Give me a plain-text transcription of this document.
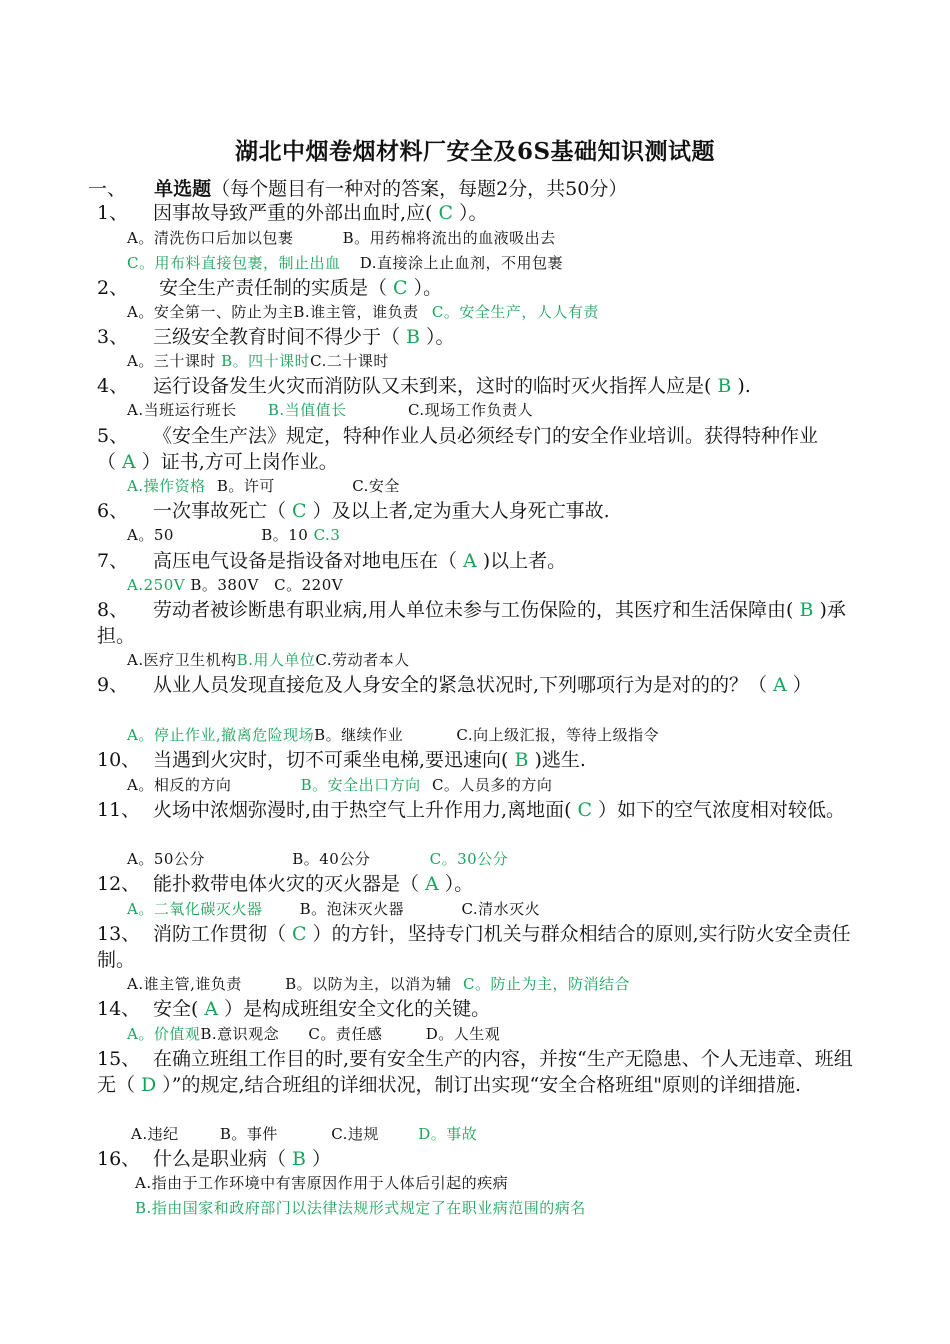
湖北中烟卷烟材料厂安全及6S基础知识测试题
一、 单选题（每个题目有一种对的答案，每题2分，共50分）
1、 因事故导致严重的外部出血时,应( C ）。
A。清洗伤口后加以包裹	B。用药棉将流出的血液吸出去
C。用布料直接包裹，制止出血 D.直接涂上止血剂，不用包裹
2、 安全生产责任制的实质是（ C ）。
A。安全第一、防止为主B.谁主管，谁负责 C。安全生产，人人有责
3、 三级安全教育时间不得少于（ B ）。
A。三十课时 B。四十课时C.二十课时
4、 运行设备发生火灾而消防队又未到来，这时的临时灭火指挥人应是( B ).
A.当班运行班长 B.当值值长	C.现场工作负责人
5、 《安全生产法》规定，特种作业人员必须经专门的安全作业培训。获得特种作业（ A ）证书,方可上岗作业。
A.操作资格 B。许可	C.安全
6、 一次事故死亡（ C ）及以上者,定为重大人身死亡事故.
A。50	B。10 C.3
7、 高压电气设备是指设备对地电压在（ A )以上者。
A.250V B。380V C。220V
8、 劳动者被诊断患有职业病,用人单位未参与工伤保险的，其医疗和生活保障由( B )承担。
A.医疗卫生机构B.用人单位C.劳动者本人
9、 从业人员发现直接危及人身安全的紧急状况时,下列哪项行为是对的的？（ A ）
A。停止作业,撤离危险现场B。继续作业	C.向上级汇报，等待上级指令
10、 当遇到火灾时，切不可乘坐电梯,要迅速向( B )逃生.
A。相反的方向	B。安全出口方向 C。人员多的方向
11、 火场中浓烟弥漫时,由于热空气上升作用力,离地面( C ）如下的空气浓度相对较低。
A。50公分	B。40公分	C。30公分
12、 能扑救带电体火灾的灭火器是（ A ）。
A。二氧化碳灭火器 B。泡沫灭火器	C.清水灭火
13、 消防工作贯彻（ C ）的方针，坚持专门机关与群众相结合的原则,实行防火安全责任制。
A.谁主管,谁负责	B。以防为主，以消为辅 C。防止为主，防消结合
14、 安全( A ）是构成班组安全文化的关键。
A。价值观B.意识观念 C。责任感	D。人生观
15、 在确立班组工作目的时,要有安全生产的内容，并按“生产无隐患、个人无违章、班组无（ D ）”的规定,结合班组的详细状况，制订出实现“安全合格班组"原则的详细措施.
A.违纪	B。事件	C.违规	D。事故
16、 什么是职业病（ B ）
A.指由于工作环境中有害原因作用于人体后引起的疾病
B.指由国家和政府部门以法律法规形式规定了在职业病范围的病名
